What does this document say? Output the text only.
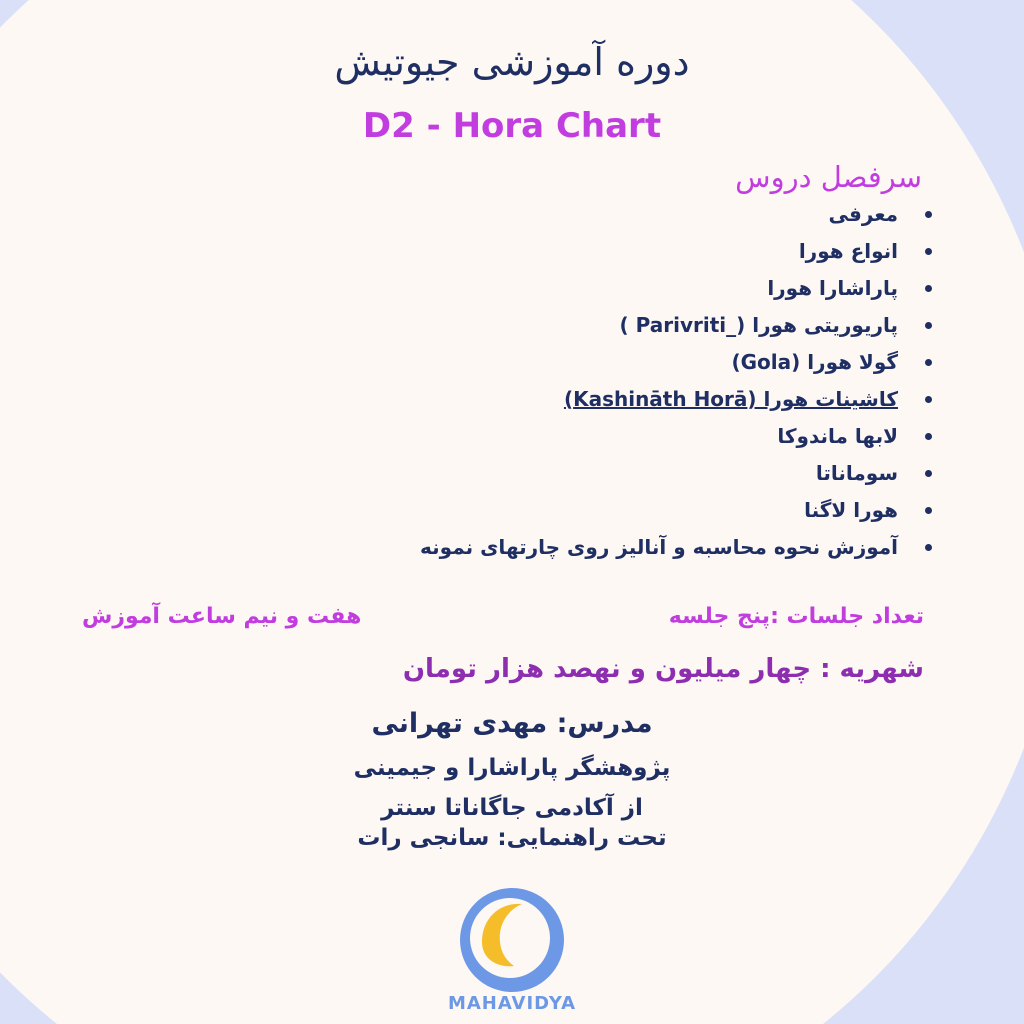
دوره آموزشی جیوتیش
D2 - Hora Chart
سرفصل دروس
معرفی
انواع هورا
پاراشارا هورا
پاریوریتی هورا (_Parivriti )
گولا هورا (Gola)
کاشینات هورا (Kashināth Horā)
لابها ماندوکا
سوماناتا
هورا لاگنا
آموزش نحوه محاسبه و آنالیز روی چارتهای نمونه
تعداد جلسات :پنج جلسه
هفت و نیم ساعت آموزش
شهریه : چهار میلیون و نهصد هزار تومان
مدرس: مهدی تهرانی
پژوهشگر پاراشارا و جیمینی
از آکادمی جاگاناتا سنتر
تحت راهنمایی: سانجی رات
MAHAVIDYA
